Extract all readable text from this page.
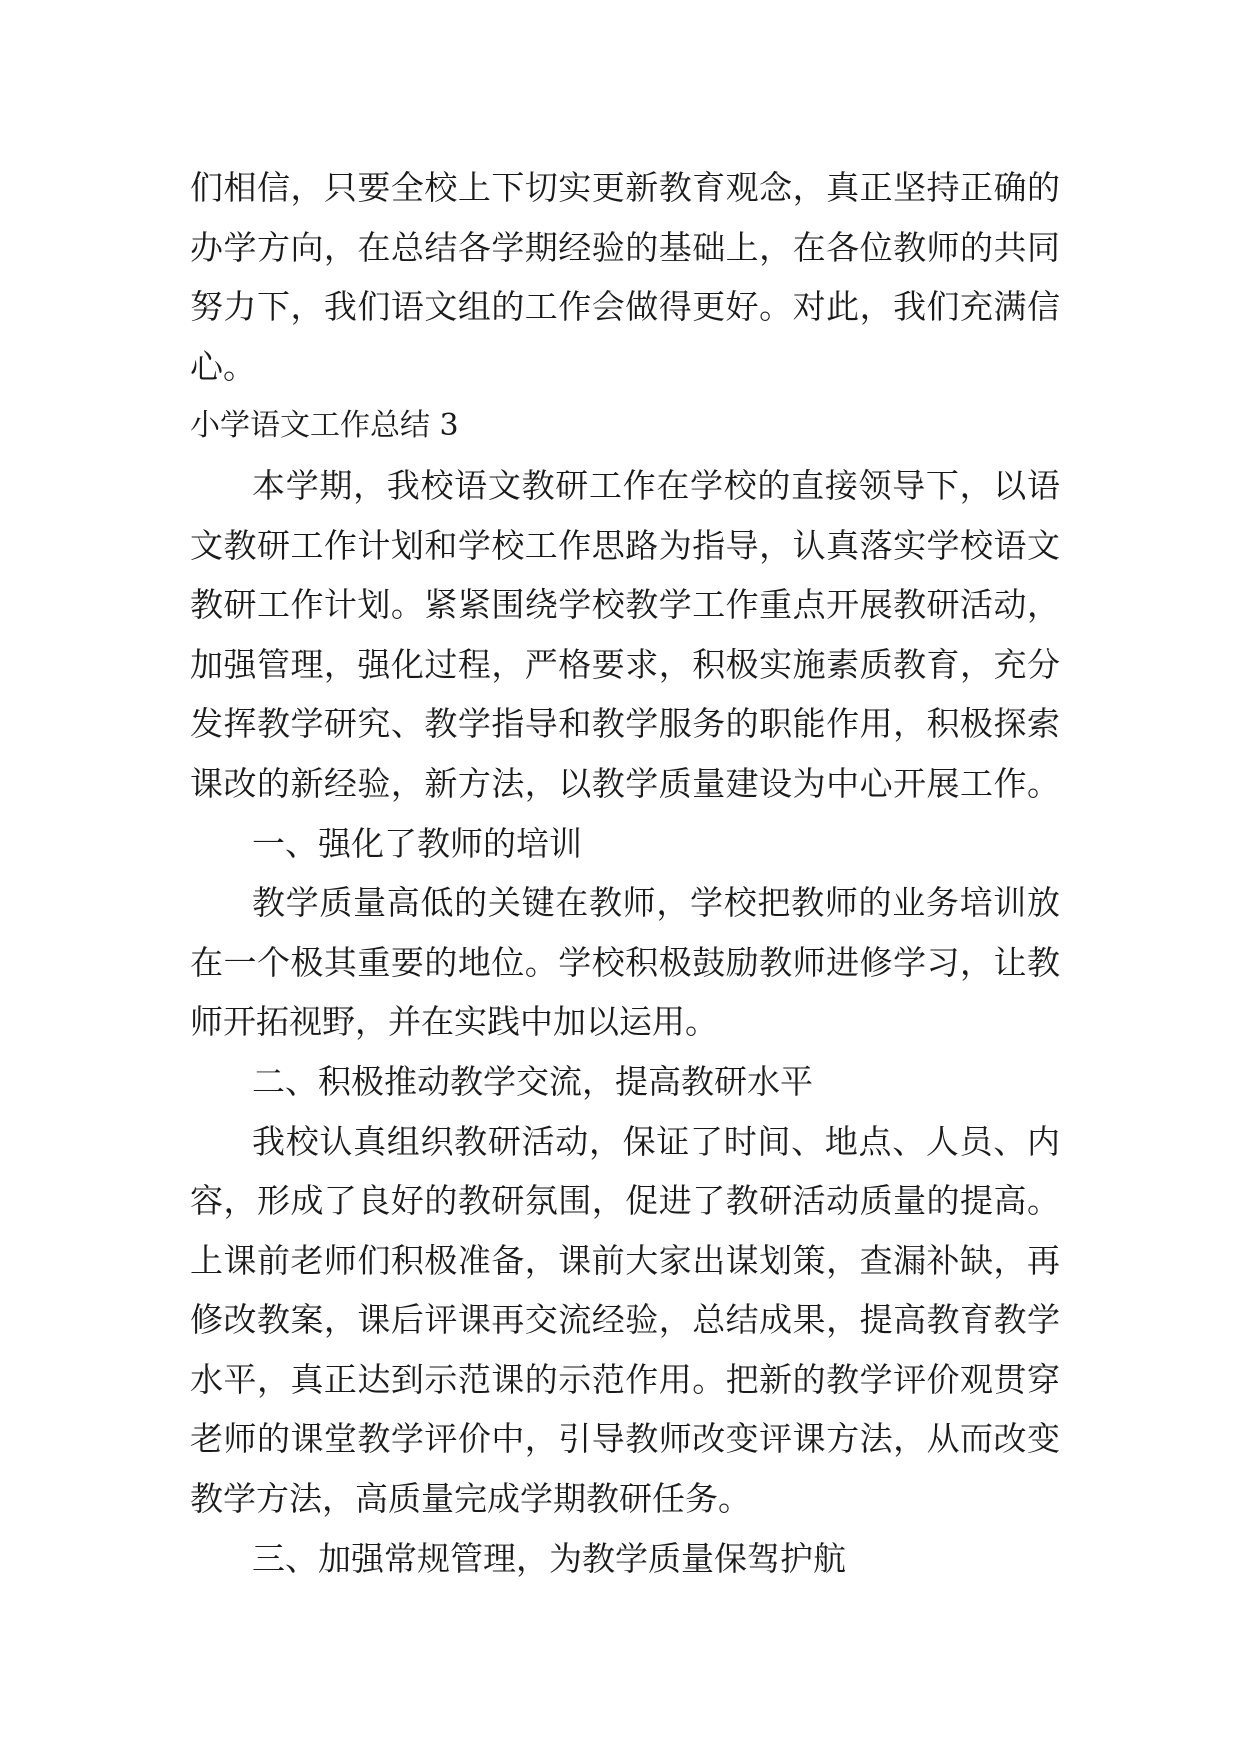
们相信，只要全校上下切实更新教育观念，真正坚持正确的
办学方向，在总结各学期经验的基础上，在各位教师的共同
努力下，我们语文组的工作会做得更好。对此，我们充满信
心。
小学语文工作总结 3
本学期，我校语文教研工作在学校的直接领导下，以语
文教研工作计划和学校工作思路为指导，认真落实学校语文
教研工作计划。紧紧围绕学校教学工作重点开展教研活动，
加强管理，强化过程，严格要求，积极实施素质教育，充分
发挥教学研究、教学指导和教学服务的职能作用，积极探索
课改的新经验，新方法，以教学质量建设为中心开展工作。
一、强化了教师的培训
教学质量高低的关键在教师，学校把教师的业务培训放
在一个极其重要的地位。学校积极鼓励教师进修学习，让教
师开拓视野，并在实践中加以运用。
二、积极推动教学交流，提高教研水平
我校认真组织教研活动，保证了时间、地点、人员、内
容，形成了良好的教研氛围，促进了教研活动质量的提高。
上课前老师们积极准备，课前大家出谋划策，查漏补缺，再
修改教案，课后评课再交流经验，总结成果，提高教育教学
水平，真正达到示范课的示范作用。把新的教学评价观贯穿
老师的课堂教学评价中，引导教师改变评课方法，从而改变
教学方法，高质量完成学期教研任务。
三、加强常规管理，为教学质量保驾护航
